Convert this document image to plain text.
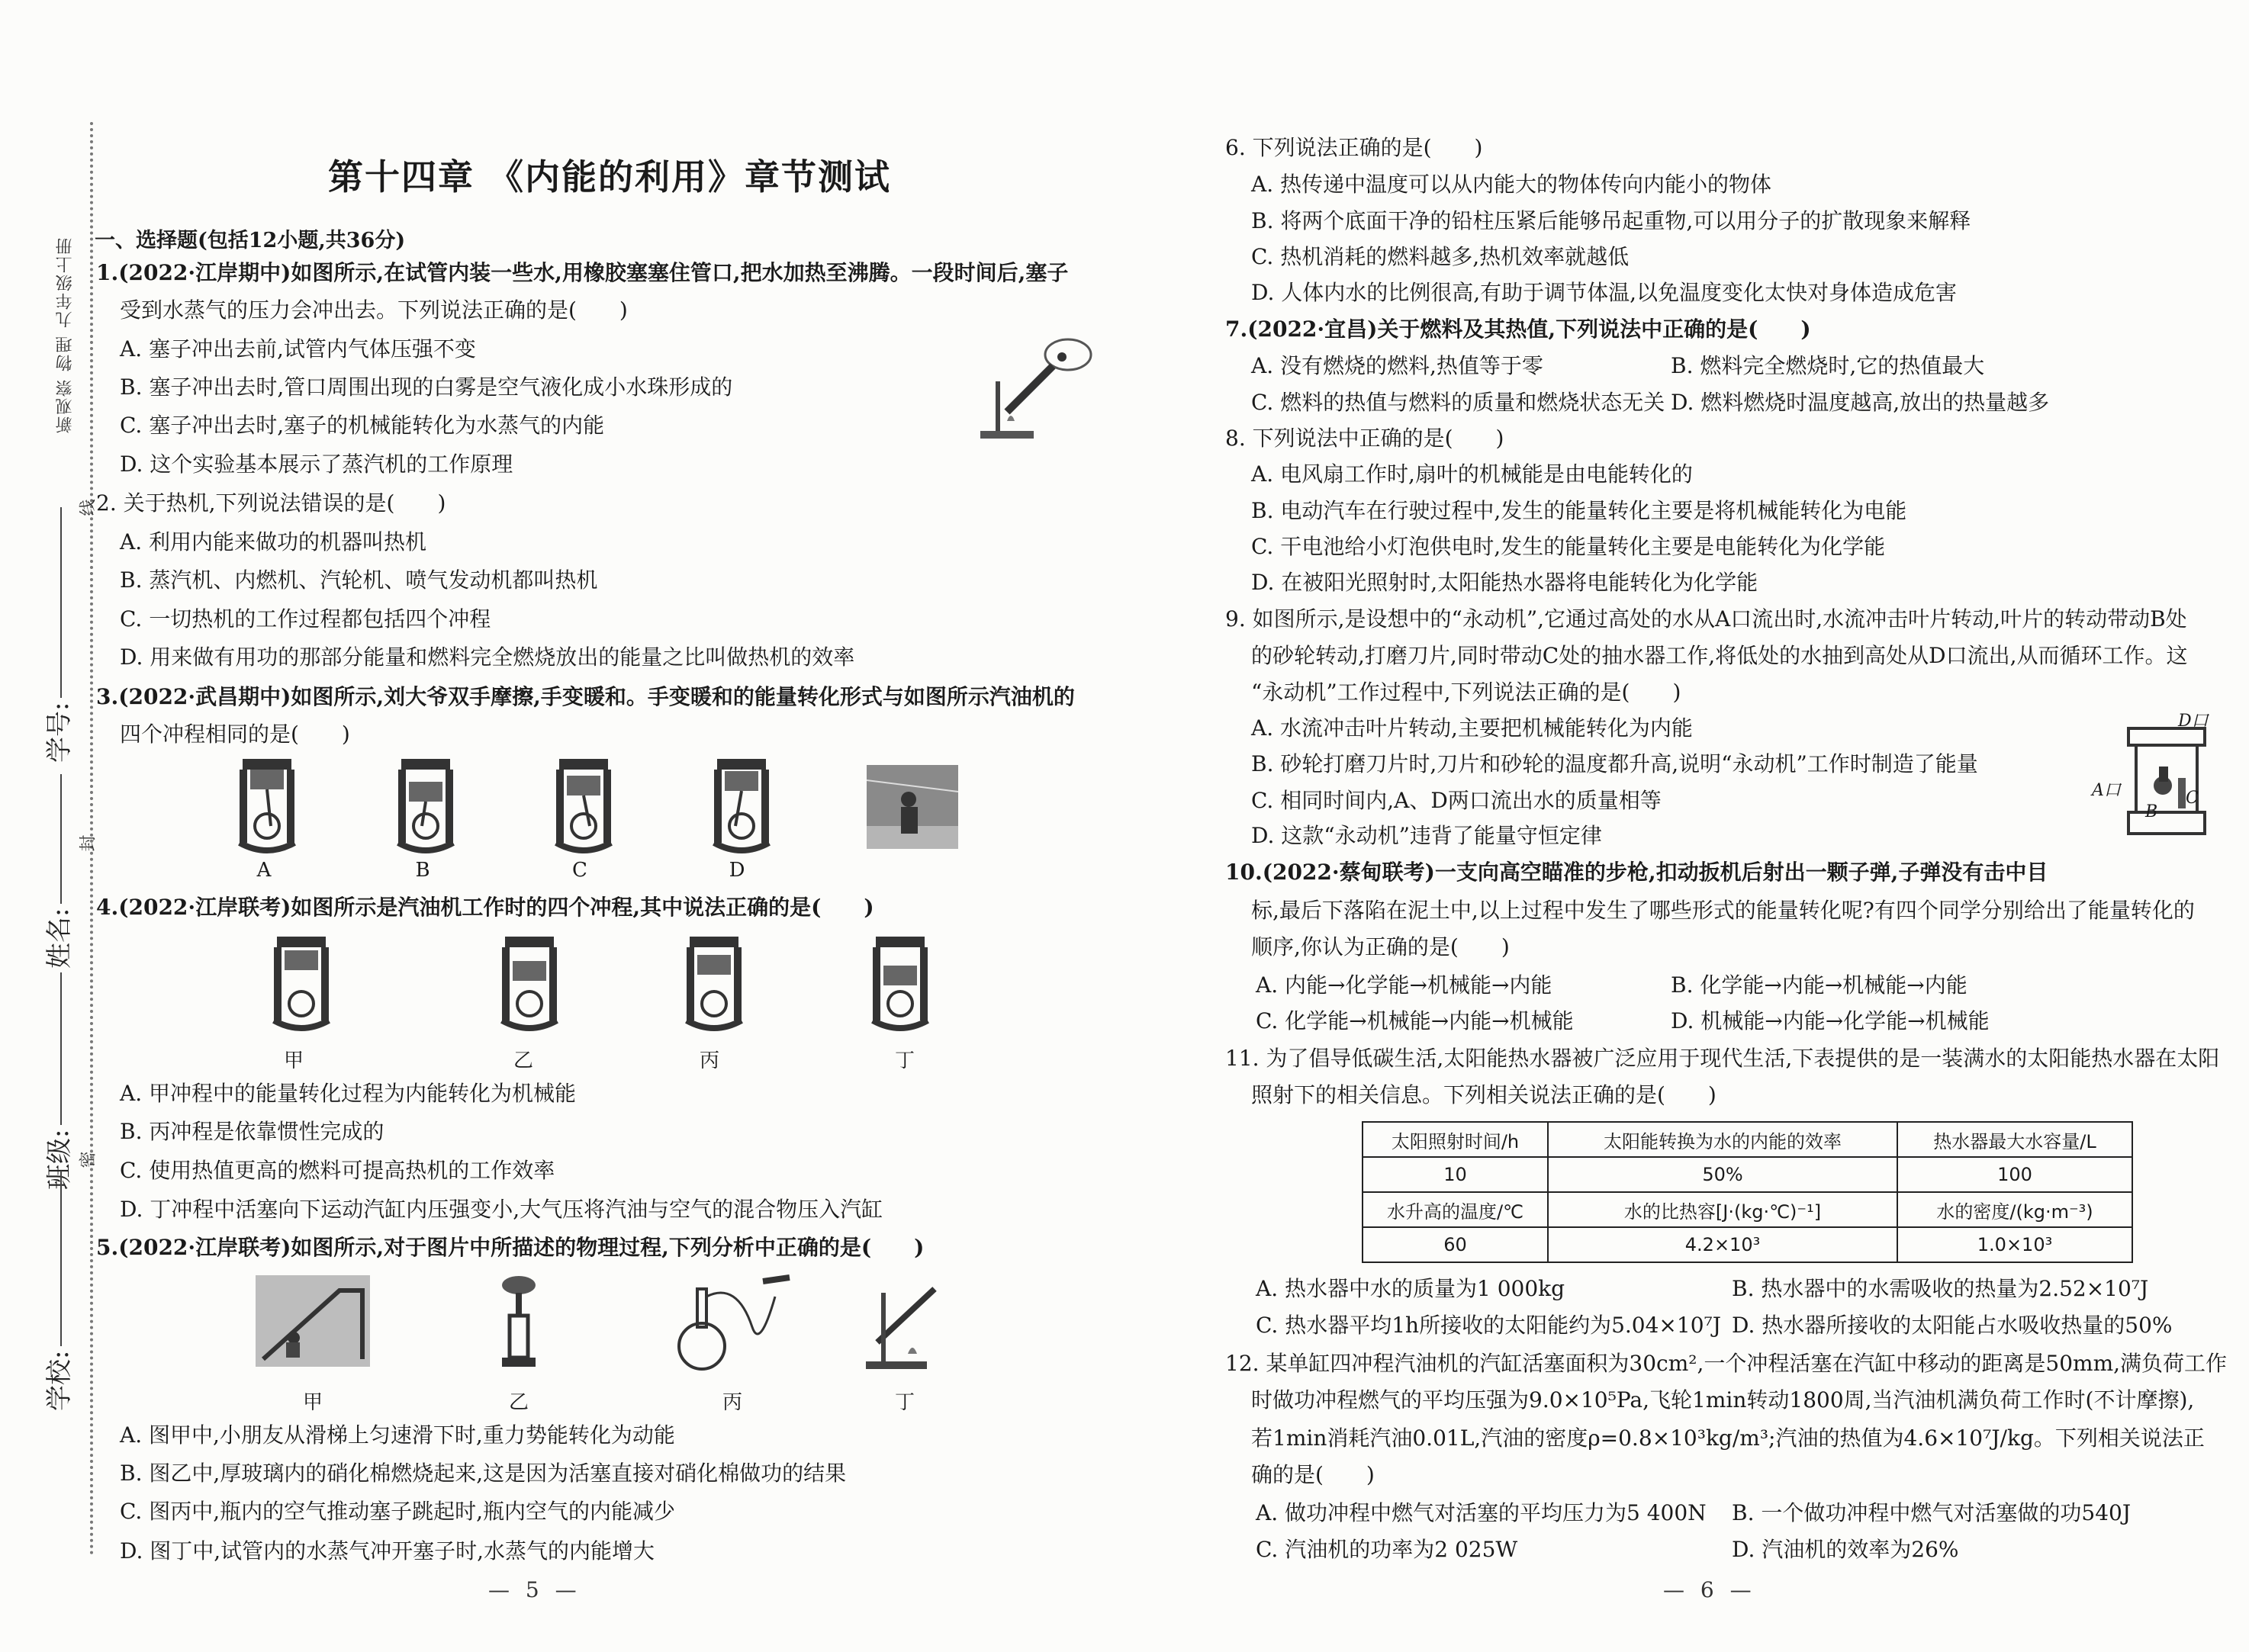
新观察 物理 九年级上册
线
封
密
学号:
姓名:
班级:
学校:
第十四章 《内能的利用》章节测试
一、选择题(包括12小题,共36分)
1.(2022·江岸期中)如图所示,在试管内装一些水,用橡胶塞塞住管口,把水加热至沸腾。一段时间后,塞子
受到水蒸气的压力会冲出去。下列说法正确的是(　　)
A. 塞子冲出去前,试管内气体压强不变
B. 塞子冲出去时,管口周围出现的白雾是空气液化成小水珠形成的
C. 塞子冲出去时,塞子的机械能转化为水蒸气的内能
D. 这个实验基本展示了蒸汽机的工作原理
2. 关于热机,下列说法错误的是(　　)
A. 利用内能来做功的机器叫热机
B. 蒸汽机、内燃机、汽轮机、喷气发动机都叫热机
C. 一切热机的工作过程都包括四个冲程
D. 用来做有用功的那部分能量和燃料完全燃烧放出的能量之比叫做热机的效率
3.(2022·武昌期中)如图所示,刘大爷双手摩擦,手变暖和。手变暖和的能量转化形式与如图所示汽油机的
四个冲程相同的是(　　)
A	B	C	D
4.(2022·江岸联考)如图所示是汽油机工作时的四个冲程,其中说法正确的是(　　)
甲	乙	丙	丁
A. 甲冲程中的能量转化过程为内能转化为机械能
B. 丙冲程是依靠惯性完成的
C. 使用热值更高的燃料可提高热机的工作效率
D. 丁冲程中活塞向下运动汽缸内压强变小,大气压将汽油与空气的混合物压入汽缸
5.(2022·江岸联考)如图所示,对于图片中所描述的物理过程,下列分析中正确的是(　　)
甲	乙	丙	丁
A. 图甲中,小朋友从滑梯上匀速滑下时,重力势能转化为动能
B. 图乙中,厚玻璃内的硝化棉燃烧起来,这是因为活塞直接对硝化棉做功的结果
C. 图丙中,瓶内的空气推动塞子跳起时,瓶内空气的内能减少
D. 图丁中,试管内的水蒸气冲开塞子时,水蒸气的内能增大
— 5 —
6. 下列说法正确的是(　　)
A. 热传递中温度可以从内能大的物体传向内能小的物体
B. 将两个底面干净的铅柱压紧后能够吊起重物,可以用分子的扩散现象来解释
C. 热机消耗的燃料越多,热机效率就越低
D. 人体内水的比例很高,有助于调节体温,以免温度变化太快对身体造成危害
7.(2022·宜昌)关于燃料及其热值,下列说法中正确的是(　　)
A. 没有燃烧的燃料,热值等于零	B. 燃料完全燃烧时,它的热值最大
C. 燃料的热值与燃料的质量和燃烧状态无关 D. 燃料燃烧时温度越高,放出的热量越多
8. 下列说法中正确的是(　　)
A. 电风扇工作时,扇叶的机械能是由电能转化的
B. 电动汽车在行驶过程中,发生的能量转化主要是将机械能转化为电能
C. 干电池给小灯泡供电时,发生的能量转化主要是电能转化为化学能
D. 在被阳光照射时,太阳能热水器将电能转化为化学能
9. 如图所示,是设想中的“永动机”,它通过高处的水从A口流出时,水流冲击叶片转动,叶片的转动带动B处
的砂轮转动,打磨刀片,同时带动C处的抽水器工作,将低处的水抽到高处从D口流出,从而循环工作。这
“永动机”工作过程中,下列说法正确的是(　　)
A. 水流冲击叶片转动,主要把机械能转化为内能
B. 砂轮打磨刀片时,刀片和砂轮的温度都升高,说明“永动机”工作时制造了能量
C. 相同时间内,A、D两口流出水的质量相等
D. 这款“永动机”违背了能量守恒定律
D口
A口
B
C
10.(2022·蔡甸联考)一支向高空瞄准的步枪,扣动扳机后射出一颗子弹,子弹没有击中目
标,最后下落陷在泥土中,以上过程中发生了哪些形式的能量转化呢?有四个同学分别给出了能量转化的
顺序,你认为正确的是(　　)
A. 内能→化学能→机械能→内能	B. 化学能→内能→机械能→内能
C. 化学能→机械能→内能→机械能	D. 机械能→内能→化学能→机械能
11. 为了倡导低碳生活,太阳能热水器被广泛应用于现代生活,下表提供的是一装满水的太阳能热水器在太阳
照射下的相关信息。下列相关说法正确的是(　　)
太阳照射时间/h	太阳能转换为水的内能的效率	热水器最大水容量/L
10	50%	100
水升高的温度/℃	水的比热容[J·(kg·℃)⁻¹]	水的密度/(kg·m⁻³)
60	4.2×10³	1.0×10³
A. 热水器中水的质量为1 000kg	B. 热水器中的水需吸收的热量为2.52×10⁷J
C. 热水器平均1h所接收的太阳能约为5.04×10⁷J D. 热水器所接收的太阳能占水吸收热量的50%
12. 某单缸四冲程汽油机的汽缸活塞面积为30cm²,一个冲程活塞在汽缸中移动的距离是50mm,满负荷工作
时做功冲程燃气的平均压强为9.0×10⁵Pa,飞轮1min转动1800周,当汽油机满负荷工作时(不计摩擦),
若1min消耗汽油0.01L,汽油的密度ρ=0.8×10³kg/m³;汽油的热值为4.6×10⁷J/kg。下列相关说法正
确的是(　　)
A. 做功冲程中燃气对活塞的平均压力为5 400N B. 一个做功冲程中燃气对活塞做的功540J
C. 汽油机的功率为2 025W	D. 汽油机的效率为26%
— 6 —
